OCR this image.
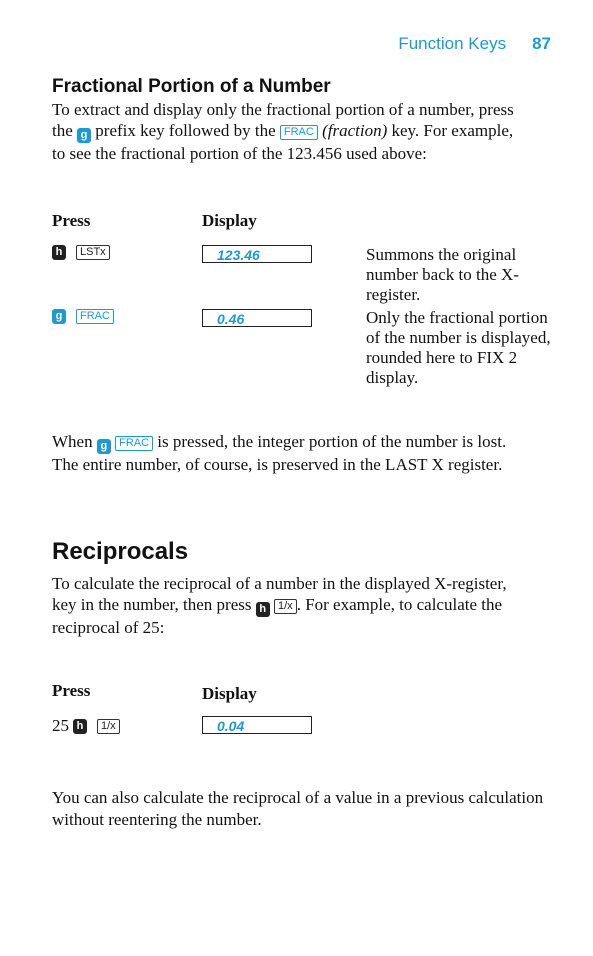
Function Keys 87
Fractional Portion of a Number

To extract and display only the fractional portion of a number, press
the g prefix key followed by the FRAC (fraction) key. For example,
to see the fractional portion of the 123.456 used above:

Press	Display
h	LSTx	123.46	Summons the original number back to the X-register.

g	FRAC	0.46	Only the fractional portion of the number is displayed, rounded here to FIX 2 display.

When g FRAC is pressed, the integer portion of the number is lost.
The entire number, of course, is preserved in the LAST X register.

Reciprocals

To calculate the reciprocal of a number in the displayed X-register,
key in the number, then press h 1/x . For example, to calculate the
reciprocal of 25:

Press	Display
25 h	1/x	0.04

You can also calculate the reciprocal of a value in a previous calculation without reentering the number.
